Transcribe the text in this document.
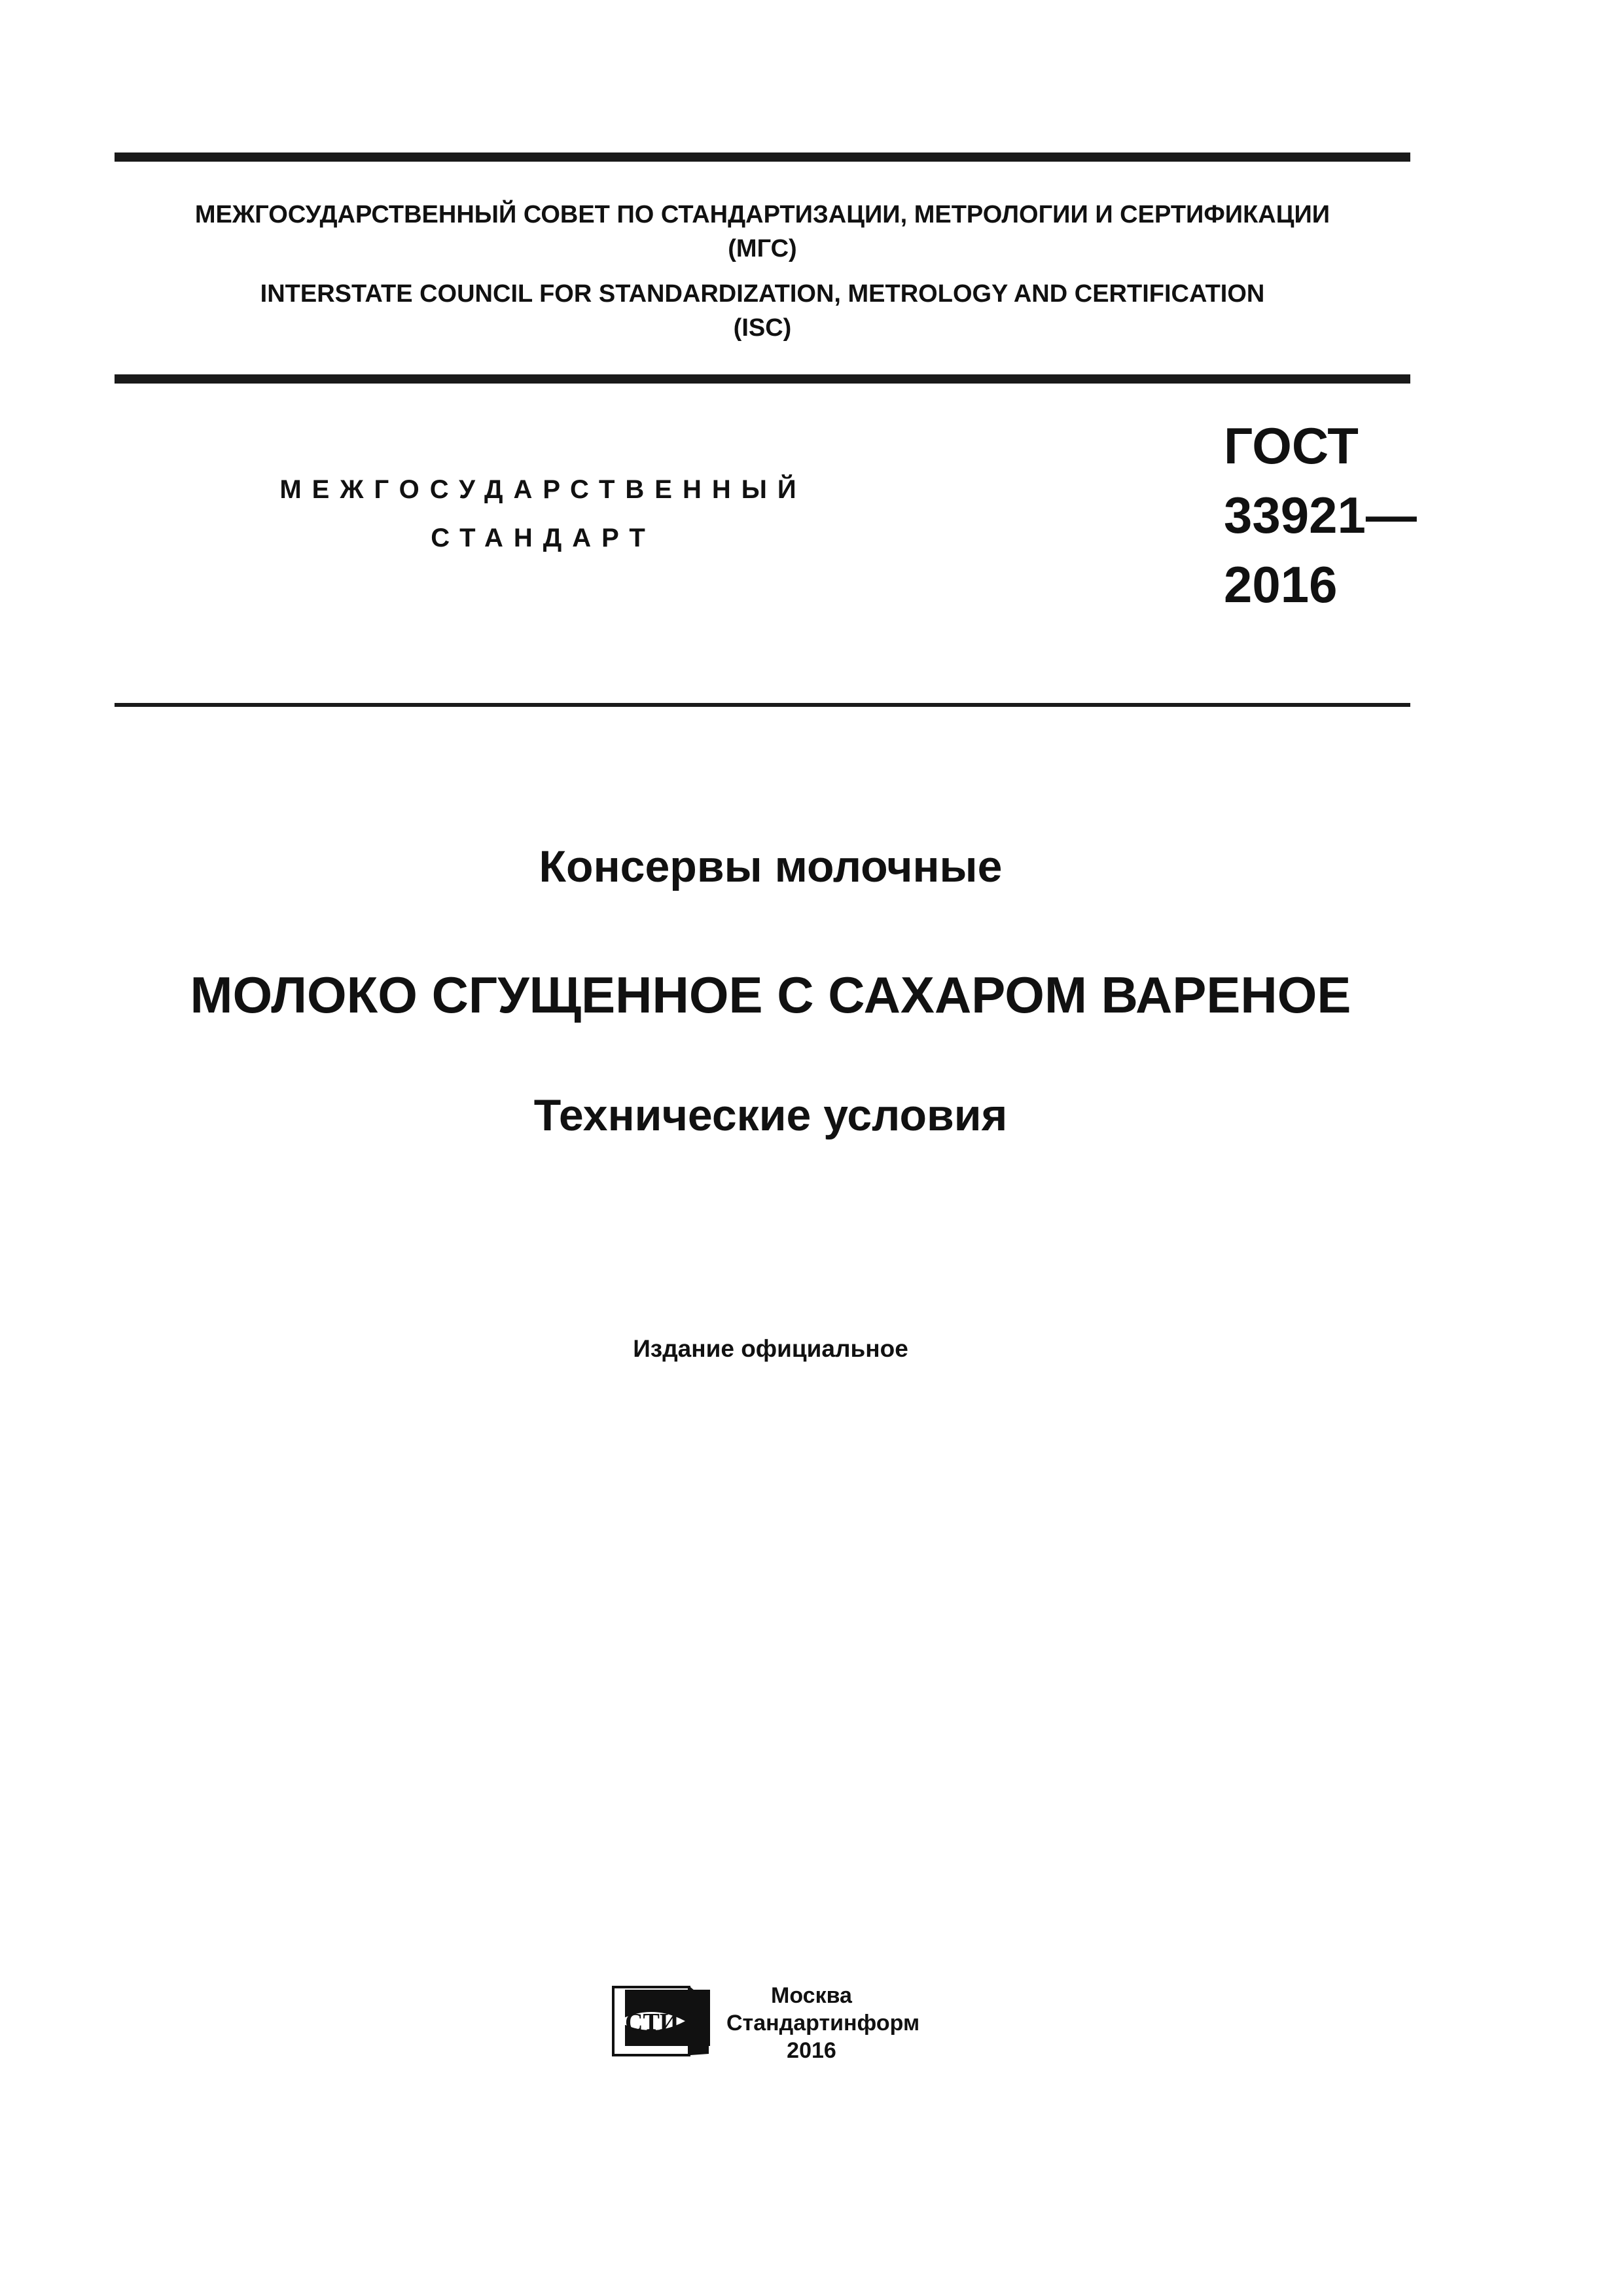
МЕЖГОСУДАРСТВЕННЫЙ СОВЕТ ПО СТАНДАРТИЗАЦИИ, МЕТРОЛОГИИ И СЕРТИФИКАЦИИ
(МГС)
INTERSTATE COUNCIL FOR STANDARDIZATION, METROLOGY AND CERTIFICATION
(ISC)
МЕЖГОСУДАРСТВЕННЫЙ
СТАНДАРТ
ГОСТ
33921—
2016
Консервы молочные
МОЛОКО СГУЩЕННОЕ С САХАРОМ ВАРЕНОЕ
Технические условия
Издание официальное
СТИ
Москва
Стандартинформ
2016
